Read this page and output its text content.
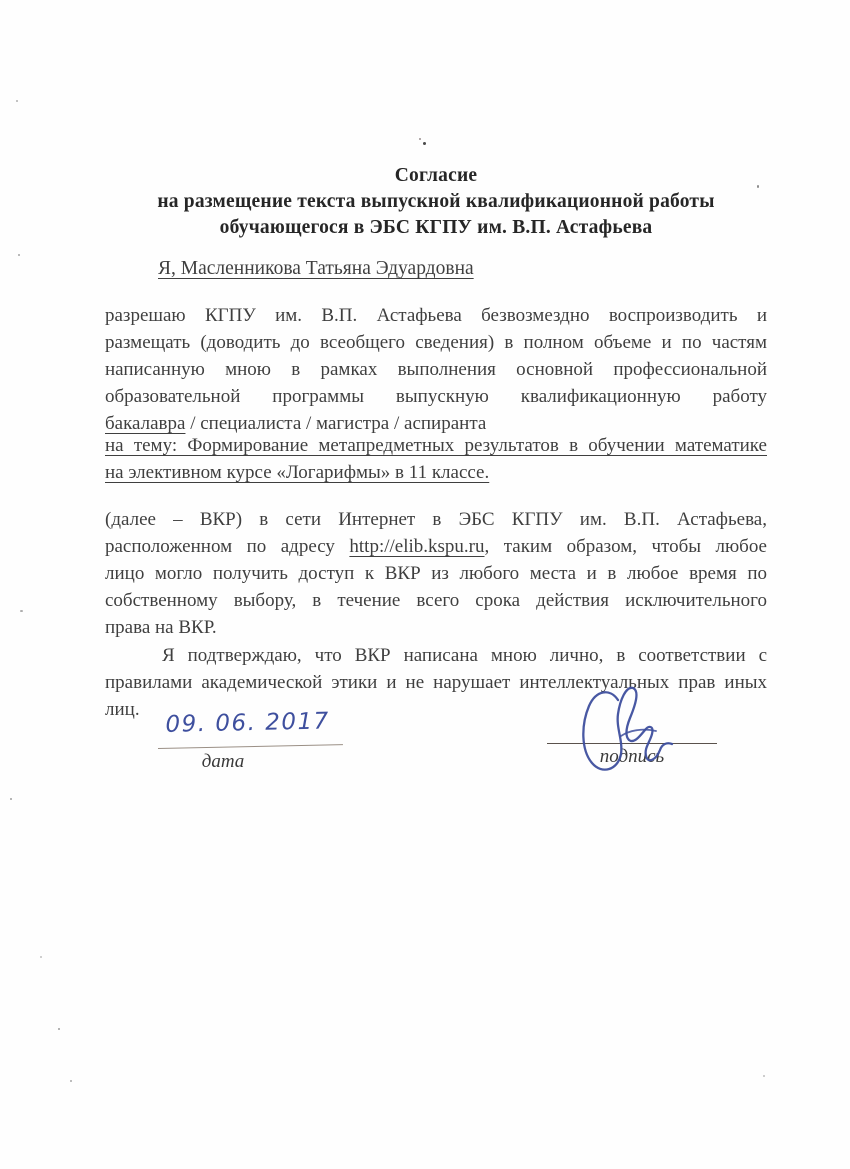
Согласие
на размещение текста выпускной квалификационной работы
обучающегося в ЭБС КГПУ им. В.П. Астафьева
Я, Масленникова Татьяна Эдуардовна
разрешаю КГПУ им. В.П. Астафьева безвозмездно воспроизводить и
размещать (доводить до всеобщего сведения) в полном объеме и по частям
написанную мною в рамках выполнения основной профессиональной
образовательной программы выпускную квалификационную работу
бакалавра / специалиста / магистра / аспиранта
на тему: Формирование метапредметных результатов в обучении математике
на элективном курсе «Логарифмы» в 11 классе.
(далее – ВКР) в сети Интернет в ЭБС КГПУ им. В.П. Астафьева,
расположенном по адресу http://elib.kspu.ru, таким образом, чтобы любое
лицо могло получить доступ к ВКР из любого места и в любое время по
собственному выбору, в течение всего срока действия исключительного
права на ВКР.
Я подтверждаю, что ВКР написана мною лично, в соответствии с
правилами академической этики и не нарушает интеллектуальных прав иных
лиц.	09. 06. 2017
дата	подпись
